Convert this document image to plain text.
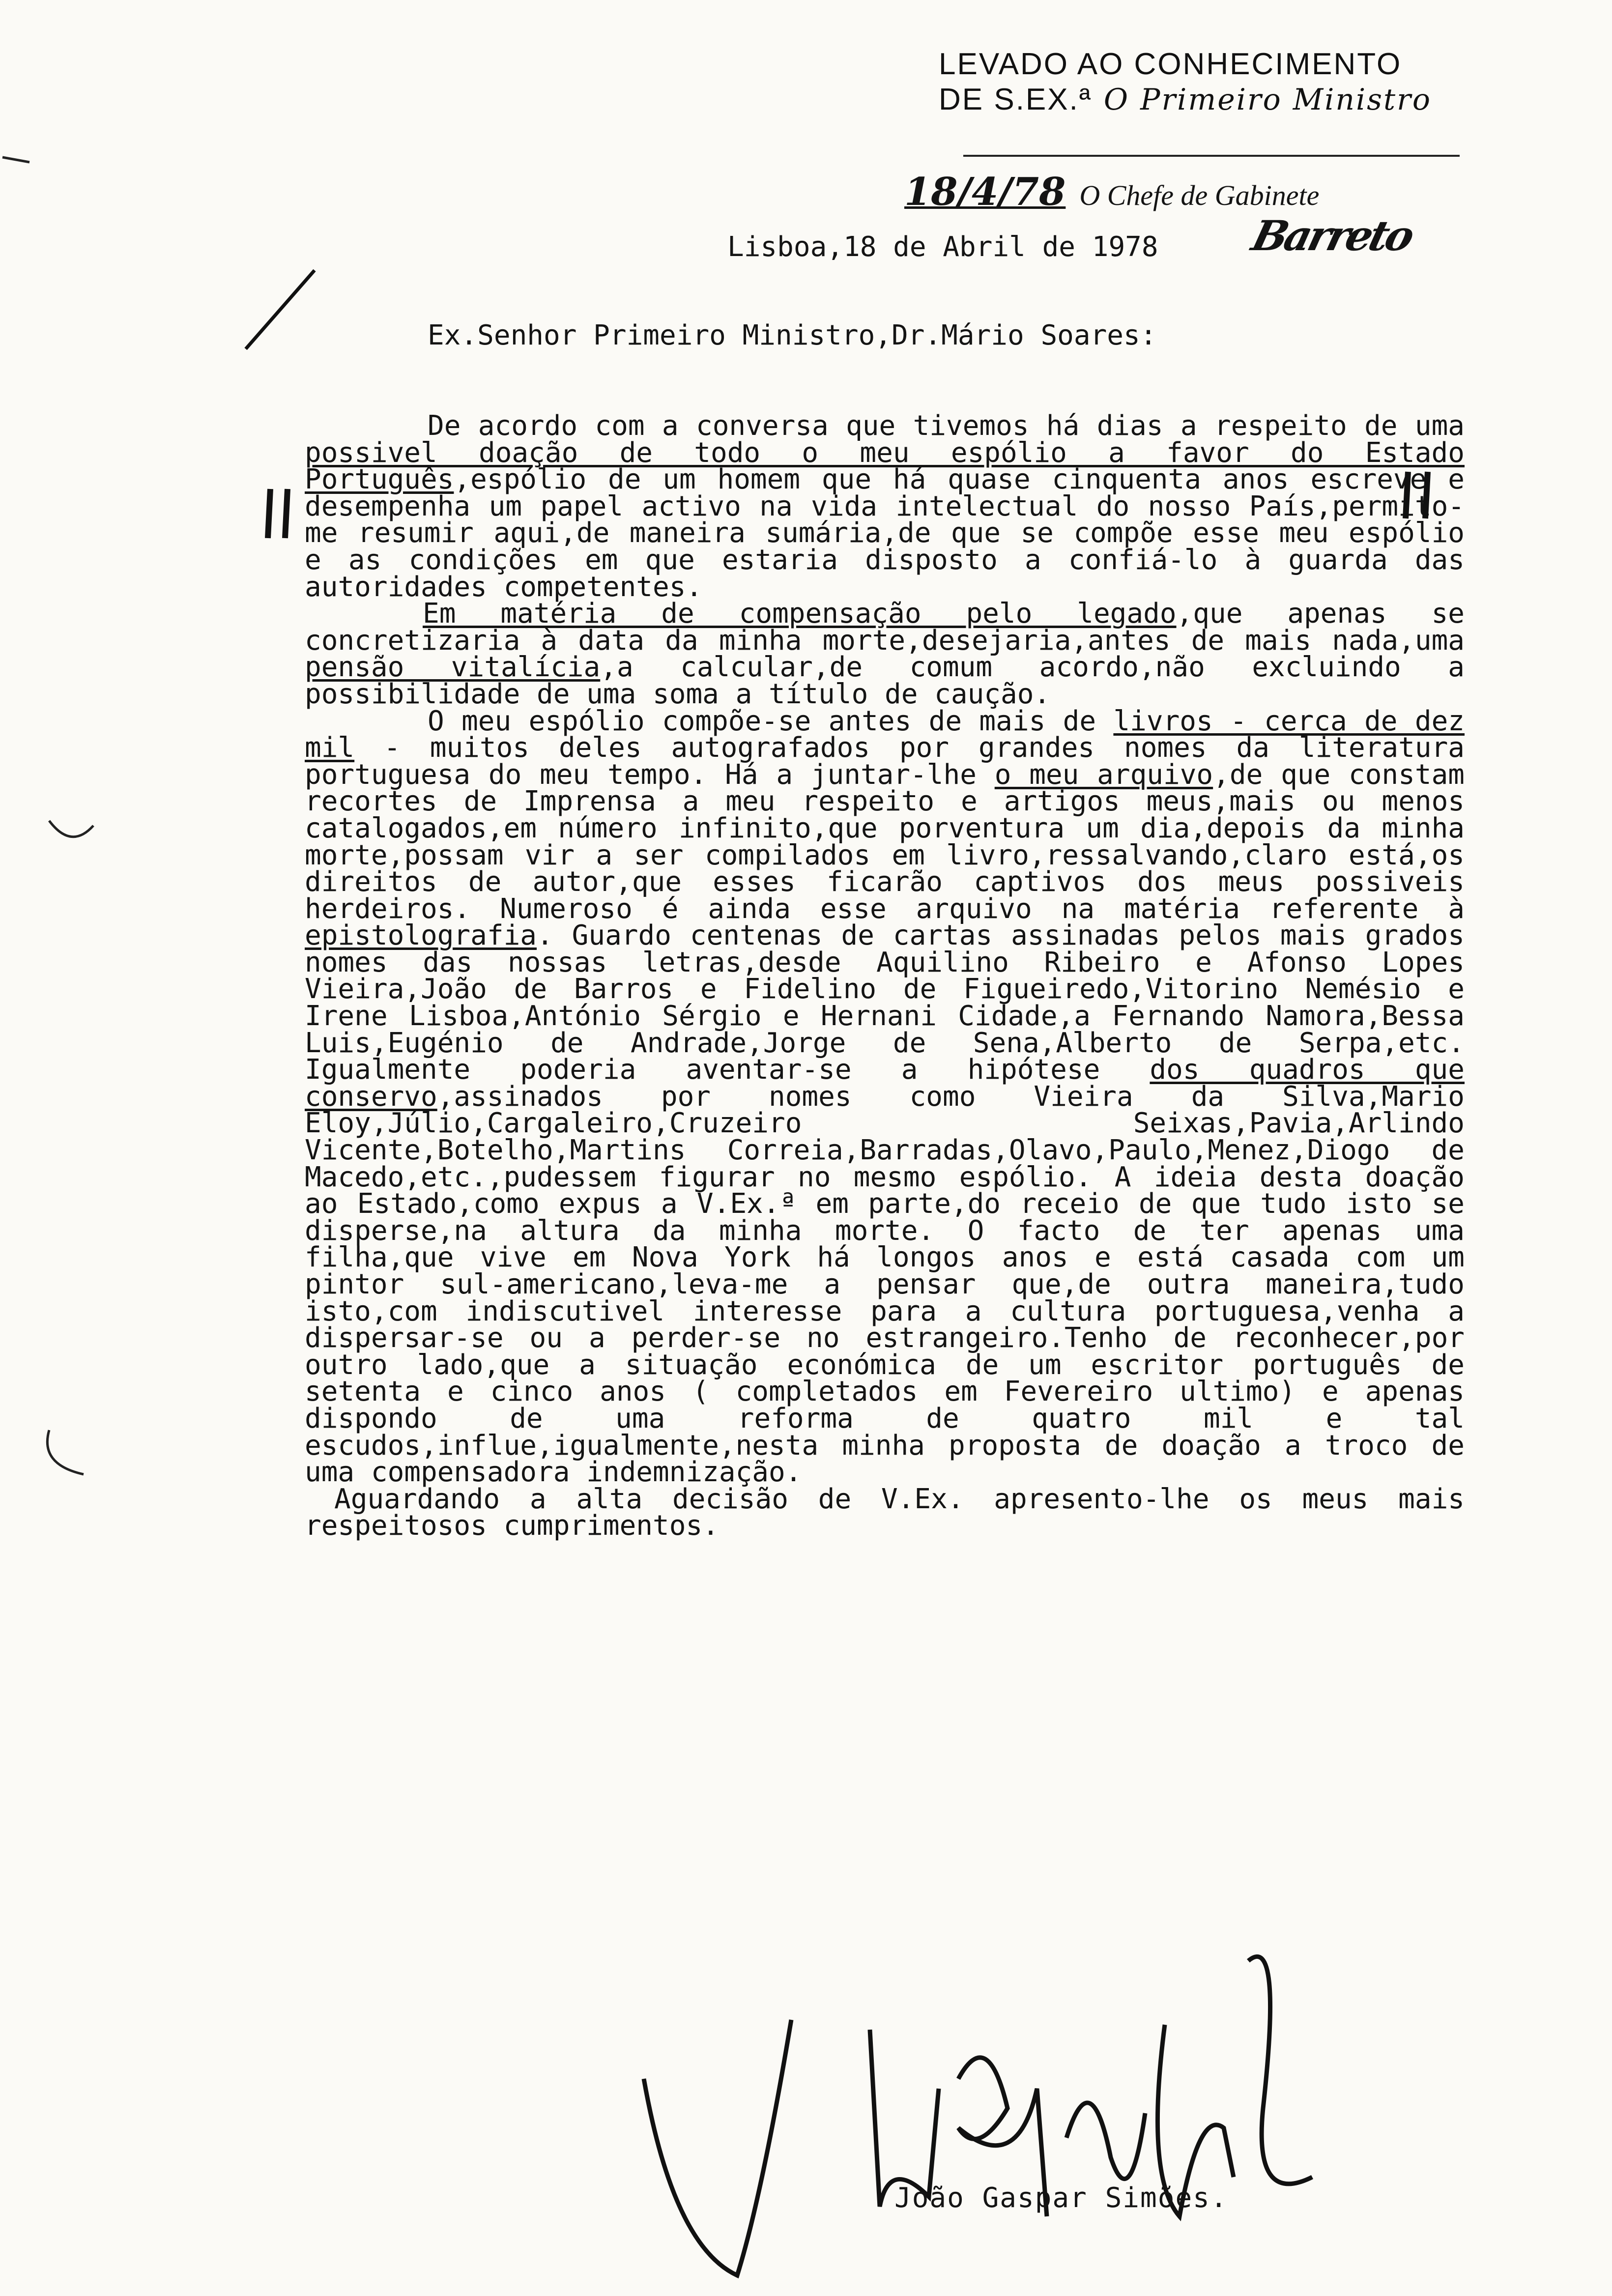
LEVADO AO CONHECIMENTO
DE S.EX.ª O Primeiro Ministro
18/4/78 O Chefe de Gabinete
Barreto
Lisboa,18 de Abril de 1978
Ex.Senhor Primeiro Ministro,Dr.Mário Soares:

De acordo com a conversa que tivemos há dias a respeito de uma possivel doação de todo o meu espólio a favor do Estado Português,espólio de um homem que há quase cinquenta anos escreve e desempenha um papel activo na vida intelectual do nosso País,permito-me resumir aqui,de maneira sumária,de que se compõe esse meu espólio e as condições em que estaria disposto a confiá-lo à guarda das autoridades competentes.

Em matéria de compensação pelo legado,que apenas se concretizaria à data da minha morte,desejaria,antes de mais nada,uma pensão vitalícia,a calcular,de comum acordo,não excluindo a possibilidade de uma soma a título de caução.

O meu espólio compõe-se antes de mais de livros - cerca de dez mil - muitos deles autografados por grandes nomes da literatura portuguesa do meu tempo. Há a juntar-lhe o meu arquivo,de que constam recortes de Imprensa a meu respeito e artigos meus,mais ou menos catalogados,em número infinito,que porventura um dia,depois da minha morte,possam vir a ser compilados em livro,ressalvando,claro está,os direitos de autor,que esses ficarão captivos dos meus possiveis herdeiros. Numeroso é ainda esse arquivo na matéria referente à epistolografia. Guardo centenas de cartas assinadas pelos mais grados nomes das nossas letras,desde Aquilino Ribeiro e Afonso Lopes Vieira,João de Barros e Fidelino de Figueiredo,Vitorino Nemésio e Irene Lisboa,António Sérgio e Hernani Cidade,a Fernando Namora,Bessa Luis,Eugénio de Andrade,Jorge de Sena,Alberto de Serpa,etc. Igualmente poderia aventar-se a hipótese dos quadros que conservo,assinados por nomes como Vieira da Silva,Mario Eloy,Júlio,Cargaleiro,Cruzeiro Seixas,Pavia,Arlindo Vicente,Botelho,Martins Correia,Barradas,Olavo,Paulo,Menez,Diogo de Macedo,etc.,pudessem figurar no mesmo espólio. A ideia desta doação ao Estado,como expus a V.Ex.ª em parte,do receio de que tudo isto se disperse,na altura da minha morte. O facto de ter apenas uma filha,que vive em Nova York há longos anos e está casada com um pintor sul-americano,leva-me a pensar que,de outra maneira,tudo isto,com indiscutivel interesse para a cultura portuguesa,venha a dispersar-se ou a perder-se no estrangeiro.Tenho de reconhecer,por outro lado,que a situação económica de um escritor português de setenta e cinco anos ( completados em Fevereiro ultimo) e apenas dispondo de uma reforma de quatro mil e tal escudos,influe,igualmente,nesta minha proposta de doação a troco de uma compensadora indemnização.

Aguardando a alta decisão de V.Ex. apresento-lhe os meus mais respeitosos cumprimentos.

João Gaspar Simões.
